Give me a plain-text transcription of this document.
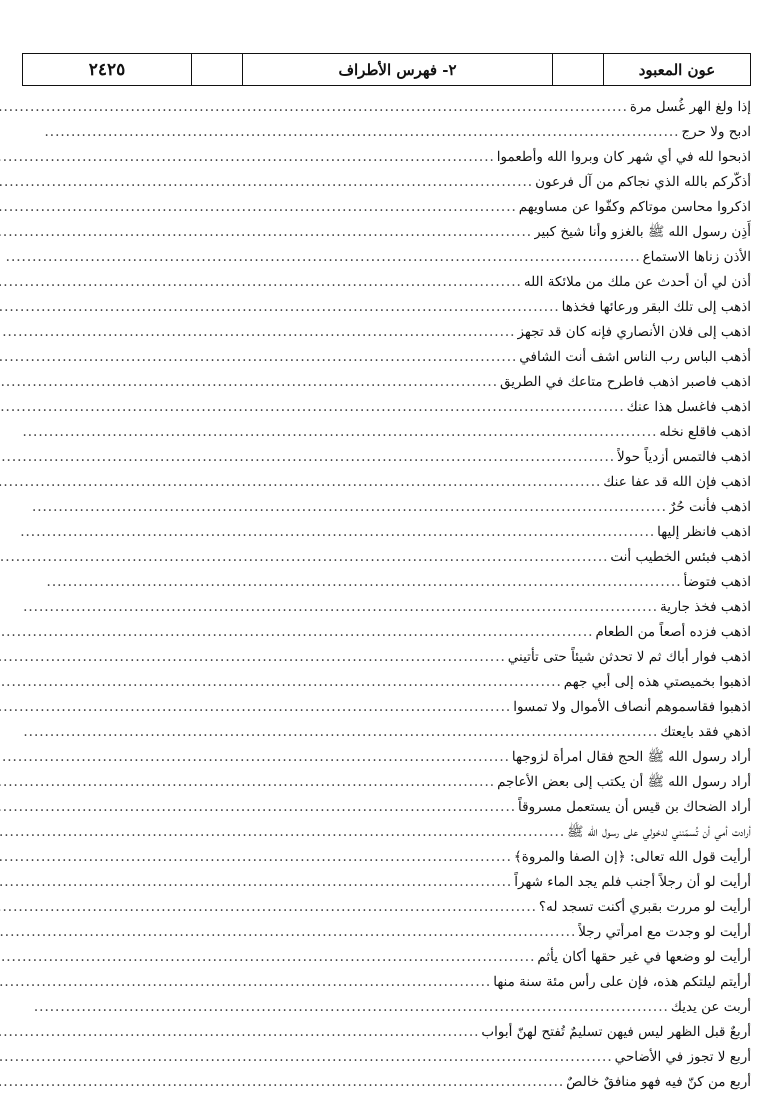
٢٤٢٥	٢- فهرس الأطراف	عون المعبود
إذا ولغ الهر غُسل مرة
.....
ادبح ولا حرج
.....
اذبحوا لله في أي شهر كان وبروا الله وأطعموا
.....
أذكّركم بالله الذي نجاكم من آل فرعون
.....
اذكروا محاسن موتاكم وكفّوا عن مساويهم
.....
أَذِن رسول الله ﷺ بالغزو وأنا شيخ كبير
.....
الأذن زناها الاستماع
.....
أذن لي أن أحدث عن ملك من ملائكة الله
.....
اذهب إلى تلك البقر ورعائها فخذها
.....
اذهب إلى فلان الأنصاري فإنه كان قد تجهز
.....
أذهب الباس رب الناس اشف أنت الشافي
.....
اذهب فاصبر اذهب فاطرح متاعك في الطريق
.....
اذهب فاغسل هذا عنك
.....
اذهب فاقلع نخله
.....
اذهب فالتمس أزدياً حولاً
.....
اذهب فإن الله قد عفا عنك
.....
اذهب فأنت حُرٌ
.....
اذهب فانظر إليها
.....
اذهب فبئس الخطيب أنت
.....
اذهب فتوضأ
.....
اذهب فخذ جارية
.....
اذهب فزده أصعاً من الطعام
.....
اذهب فوار أباك ثم لا تحدثن شيئاً حتى تأتيني
.....
اذهبوا بخميصتي هذه إلى أبي جهم
.....
اذهبوا فقاسموهم أنصاف الأموال ولا تمسوا
.....
اذهي فقد بايعتك
.....
أراد رسول الله ﷺ الحج فقال امرأة لزوجها
.....
أراد رسول الله ﷺ أن يكتب إلى بعض الأعاجم
.....
أراد الضحاك بن قيس أن يستعمل مسروقاً
.....
أرادت أمي أن تُسمّنني لدخولي على رسول الله ﷺ
.....
أرأيت قول الله تعالى: ﴿إن الصفا والمروة﴾
.....
أرأيت لو أن رجلاً أجنب فلم يجد الماء شهراً
.....
أرأيت لو مررت بقبري أكنت تسجد له؟
.....
أرأيت لو وجدت مع امرأتي رجلاً
.....
أرأيت لو وضعها في غير حقها أكان يأثم
.....
أرأيتم ليلتكم هذه، فإن على رأس مئة سنة منها
.....
أربت عن يديك
.....
أربعٌ قبل الظهر ليس فيهن تسليمٌ تُفتح لهنّ أبواب
.....
أربع لا تجوز في الأضاحي
.....
أربع من كنّ فيه فهو منافقٌ خالصٌ
.....
